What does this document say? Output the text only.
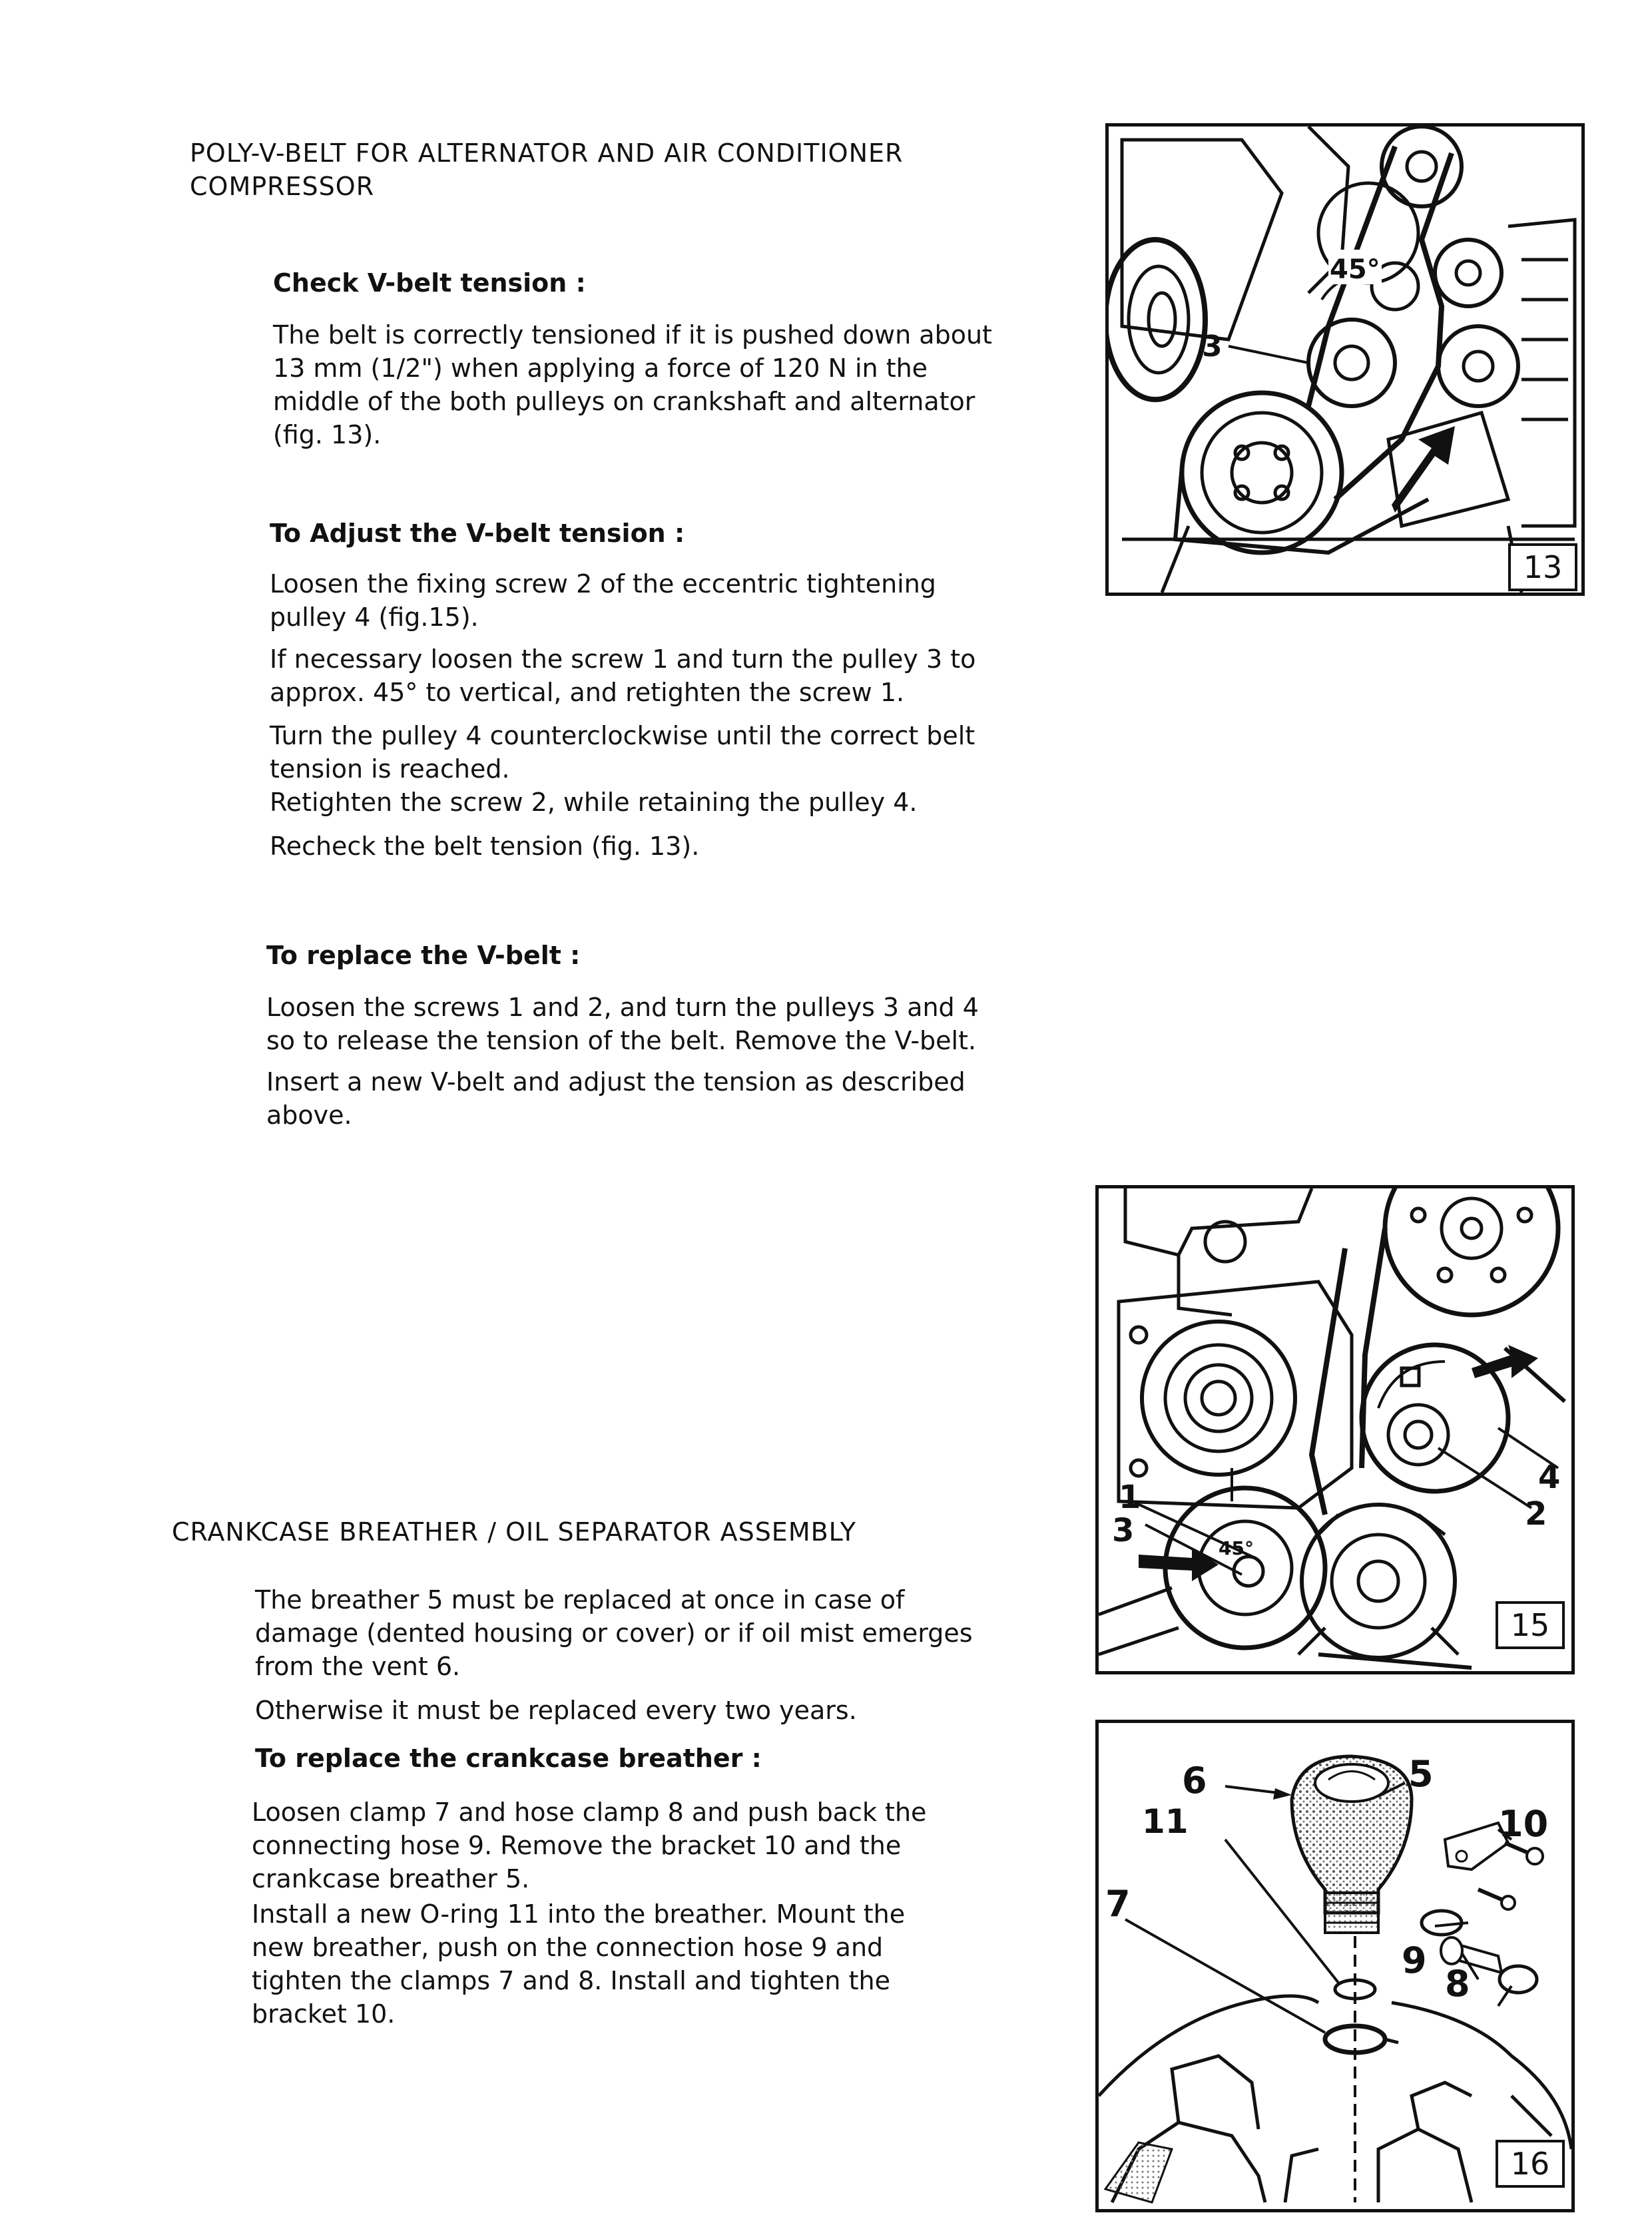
POLY-V-BELT FOR ALTERNATOR AND AIR CONDITIONER
COMPRESSOR
Check V-belt tension :
The belt is correctly tensioned if it is pushed down about
13 mm (1/2") when applying a force of 120 N in the
middle of the both pulleys on crankshaft and alternator
(fig. 13).
To Adjust the V-belt tension :
Loosen the fixing screw 2 of the eccentric tightening
pulley 4 (fig.15).
If necessary loosen the screw 1 and turn the pulley 3 to
approx. 45° to vertical, and retighten the screw 1.
Turn the pulley 4 counterclockwise until the correct belt
tension is reached.
Retighten the screw 2, while retaining the pulley 4.
Recheck the belt tension (fig. 13).
To replace the V-belt :
Loosen the screws 1 and 2, and turn the pulleys 3 and 4
so to release the tension of the belt. Remove the V-belt.
Insert a new V-belt and adjust the tension as described
above.
CRANKCASE BREATHER / OIL SEPARATOR ASSEMBLY
The breather 5 must be replaced at once in case of
damage (dented housing or cover) or if oil mist emerges
from the vent 6.
Otherwise it must be replaced every two years.
To replace the crankcase breather :
Loosen clamp 7 and hose clamp 8 and push back the
connecting hose 9. Remove the bracket 10 and the
crankcase breather 5.
Install a new O-ring 11 into the breather. Mount the
new breather, push on the connection hose 9 and
tighten the clamps 7 and 8. Install and tighten the
bracket 10.
3
45°
13
1
3
4
2
45°
15
6	5
10
11
7
9
8
16
